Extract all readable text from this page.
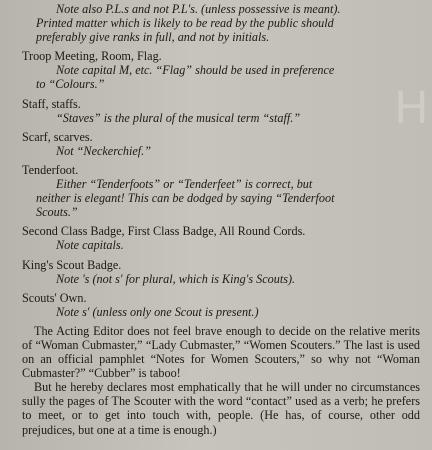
H
Note also P.L.s and not P.L's. (unless possessive is meant).
Printed matter which is likely to be read by the public should
preferably give ranks in full, and not by initials.
Troop Meeting, Room, Flag.
Note capital M, etc. “Flag” should be used in preference
to “Colours.”
Staff, staffs.
“Staves” is the plural of the musical term “staff.”
Scarf, scarves.
Not “Neckerchief.”
Tenderfoot.
Either “Tenderfoots” or “Tenderfeet” is correct, but
neither is elegant! This can be dodged by saying “Tenderfoot
Scouts.”
Second Class Badge, First Class Badge, All Round Cords.
Note capitals.
King's Scout Badge.
Note 's (not s' for plural, which is King's Scouts).
Scouts' Own.
Note s' (unless only one Scout is present.)

The Acting Editor does not feel brave enough to decide on the relative merits of “Woman Cubmaster,” “Lady Cubmaster,” “Women Scouters.” The last is used on an official pamphlet “Notes for Women Scouters,” so why not “Woman Cubmaster?” “Cubber” is taboo!

But he hereby declares most emphatically that he will under no circumstances sully the pages of The Scouter with the word “contact” used as a verb; he prefers to meet, or to get into touch with, people. (He has, of course, other odd prejudices, but one at a time is enough.)
